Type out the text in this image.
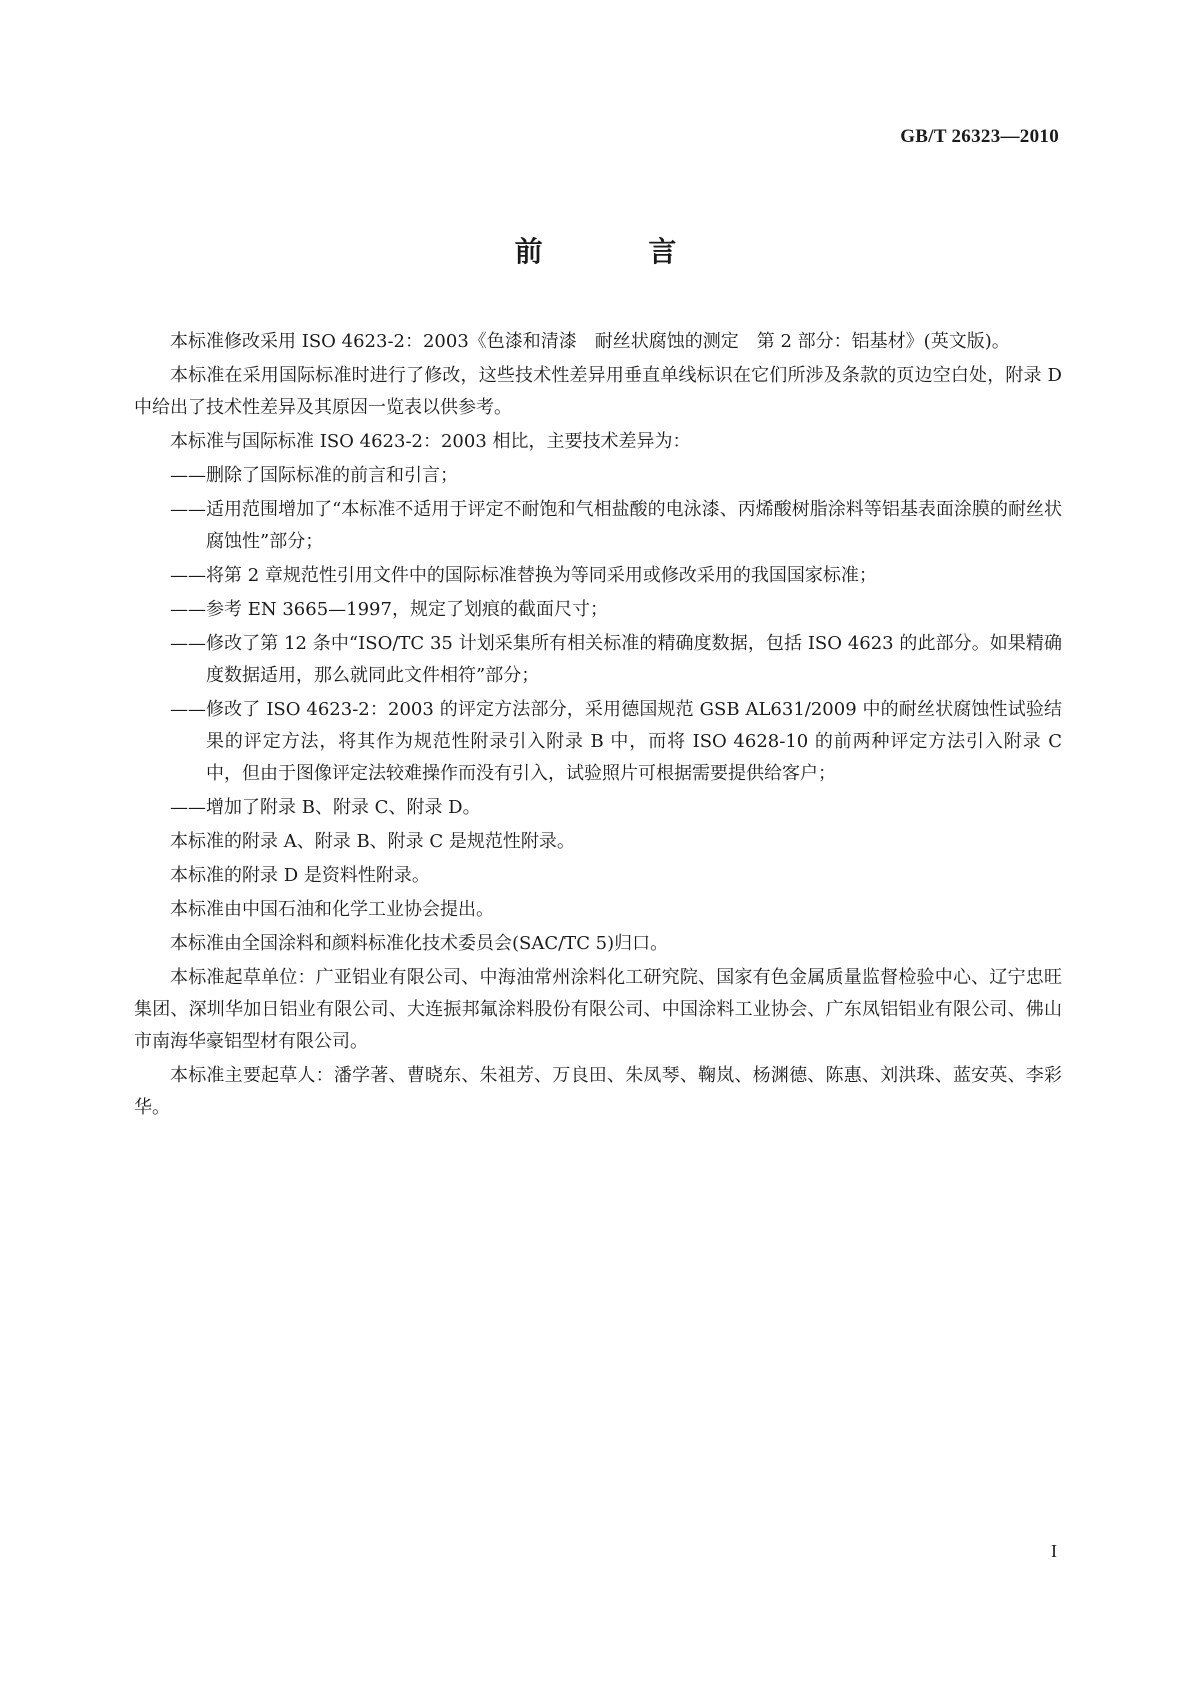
GB/T 26323—2010
前 言

本标准修改采用 ISO 4623-2：2003《色漆和清漆　耐丝状腐蚀的测定　第 2 部分：铝基材》(英文版)。

本标准在采用国际标准时进行了修改，这些技术性差异用垂直单线标识在它们所涉及条款的页边空白处，附录 D 中给出了技术性差异及其原因一览表以供参考。

本标准与国际标准 ISO 4623-2：2003 相比，主要技术差异为：

—— 删除了国际标准的前言和引言；
—— 适用范围增加了“本标准不适用于评定不耐饱和气相盐酸的电泳漆、丙烯酸树脂涂料等铝基表面涂膜的耐丝状腐蚀性”部分；
—— 将第 2 章规范性引用文件中的国际标准替换为等同采用或修改采用的我国国家标准；
—— 参考 EN 3665—1997，规定了划痕的截面尺寸；
—— 修改了第 12 条中“ISO/TC 35 计划采集所有相关标准的精确度数据，包括 ISO 4623 的此部分。如果精确度数据适用，那么就同此文件相符”部分；
—— 修改了 ISO 4623-2：2003 的评定方法部分，采用德国规范 GSB AL631/2009 中的耐丝状腐蚀性试验结果的评定方法，将其作为规范性附录引入附录 B 中，而将 ISO 4628-10 的前两种评定方法引入附录 C 中，但由于图像评定法较难操作而没有引入，试验照片可根据需要提供给客户；
—— 增加了附录 B、附录 C、附录 D。

本标准的附录 A、附录 B、附录 C 是规范性附录。

本标准的附录 D 是资料性附录。

本标准由中国石油和化学工业协会提出。

本标准由全国涂料和颜料标准化技术委员会(SAC/TC 5)归口。

本标准起草单位：广亚铝业有限公司、中海油常州涂料化工研究院、国家有色金属质量监督检验中心、辽宁忠旺集团、深圳华加日铝业有限公司、大连振邦氟涂料股份有限公司、中国涂料工业协会、广东凤铝铝业有限公司、佛山市南海华豪铝型材有限公司。

本标准主要起草人：潘学著、曹晓东、朱祖芳、万良田、朱凤琴、鞠岚、杨渊德、陈惠、刘洪珠、蓝安英、李彩华。

I
